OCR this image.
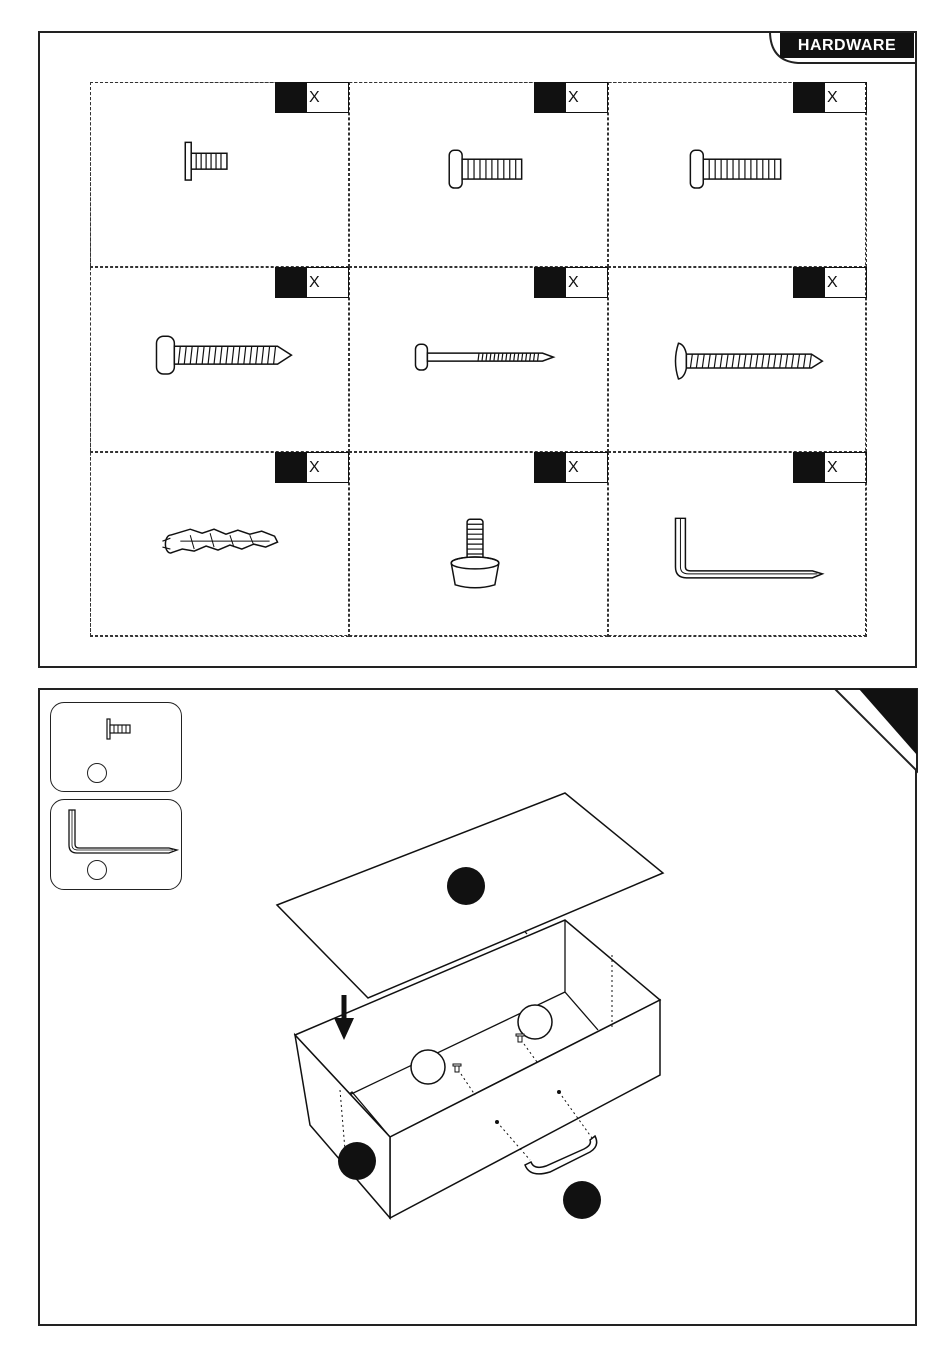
HARDWARE
X	X	X
X	X	X
X	X	X
